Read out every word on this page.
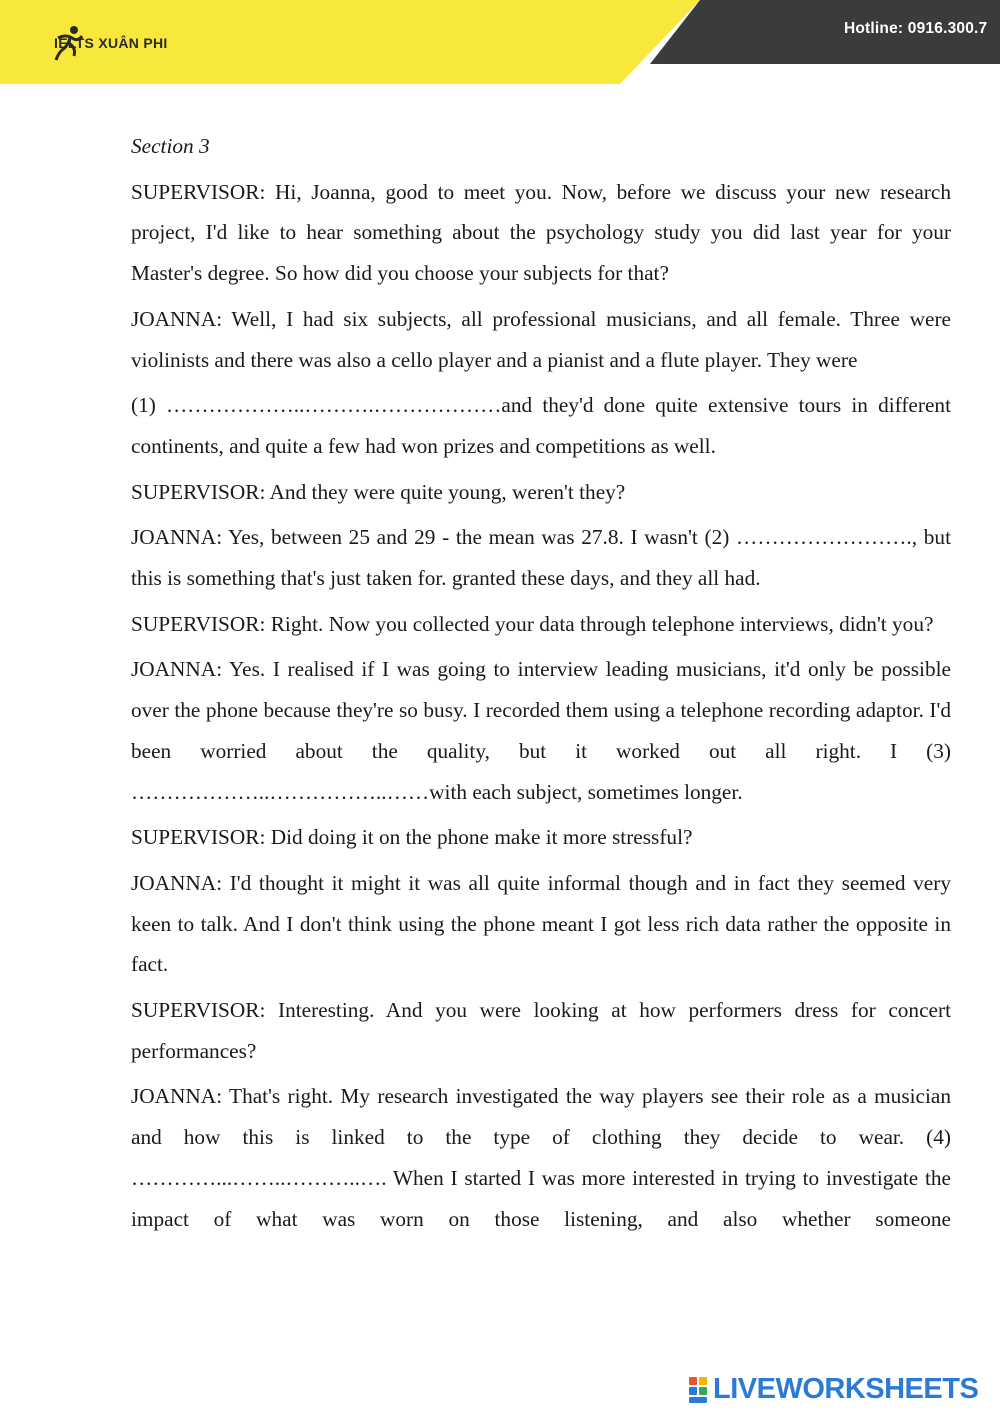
IELTS XUÂN PHI
Hotline: 0916.300.7

Section 3

SUPERVISOR: Hi, Joanna, good to meet you. Now, before we discuss your new research project, I'd like to hear something about the psychology study you did last year for your Master's degree. So how did you choose your subjects for that?

JOANNA: Well, I had six subjects, all professional musicians, and all female. Three were violinists and there was also a cello player and a pianist and a flute player. They were

(1) ………………..……….………………and they'd done quite extensive tours in different continents, and quite a few had won prizes and competitions as well.

SUPERVISOR: And they were quite young, weren't they?

JOANNA: Yes, between 25 and 29 - the mean was 27.8. I wasn't (2) ……………………., but this is something that's just taken for. granted these days, and they all had.

SUPERVISOR: Right. Now you collected your data through telephone interviews, didn't you?

JOANNA: Yes. I realised if I was going to interview leading musicians, it'd only be possible over the phone because they're so busy. I recorded them using a telephone recording adaptor. I'd been worried about the quality, but it worked out all right. I (3) ………………..……………..……with each subject, sometimes longer.

SUPERVISOR: Did doing it on the phone make it more stressful?

JOANNA: I'd thought it might it was all quite informal though and in fact they seemed very keen to talk. And I don't think using the phone meant I got less rich data rather the opposite in fact.

SUPERVISOR: Interesting. And you were looking at how performers dress for concert performances?

JOANNA: That's right. My research investigated the way players see their role as a musician and how this is linked to the type of clothing they decide to wear. (4) …………...……..………..…. When I started I was more interested in trying to investigate the impact of what was worn on those listening, and also whether someone

LIVEWORKSHEETS
